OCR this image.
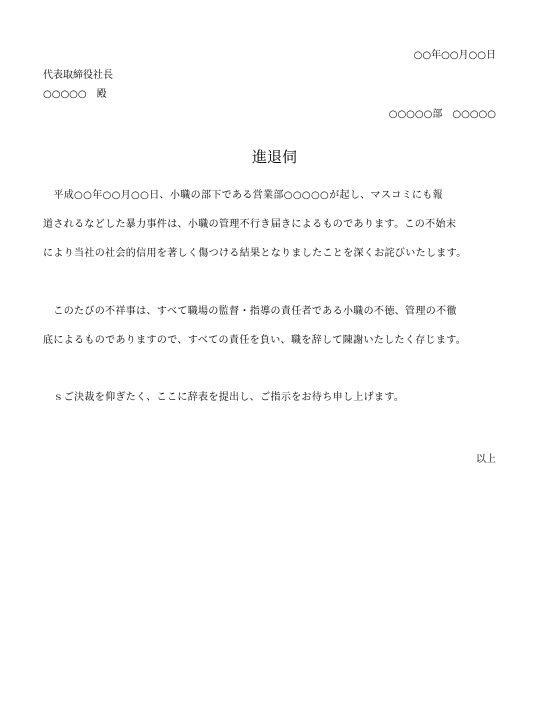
○○年○○月○○日
代表取締役社長
○○○○○　殿
○○○○○部　○○○○○
進退伺
　平成○○年○○月○○日、小職の部下である営業部○○○○○が起し、マスコミにも報
道されるなどした暴力事件は、小職の管理不行き届きによるものであります。この不始末
により当社の社会的信用を著しく傷つける結果となりましたことを深くお詫びいたします。
　このたびの不祥事は、すべて職場の監督・指導の責任者である小職の不徳、管理の不徹
底によるものでありますので、すべての責任を負い、職を辞して陳謝いたしたく存じます。
　ｓご決裁を仰ぎたく、ここに辞表を提出し、ご指示をお待ち申し上げます。
以上
